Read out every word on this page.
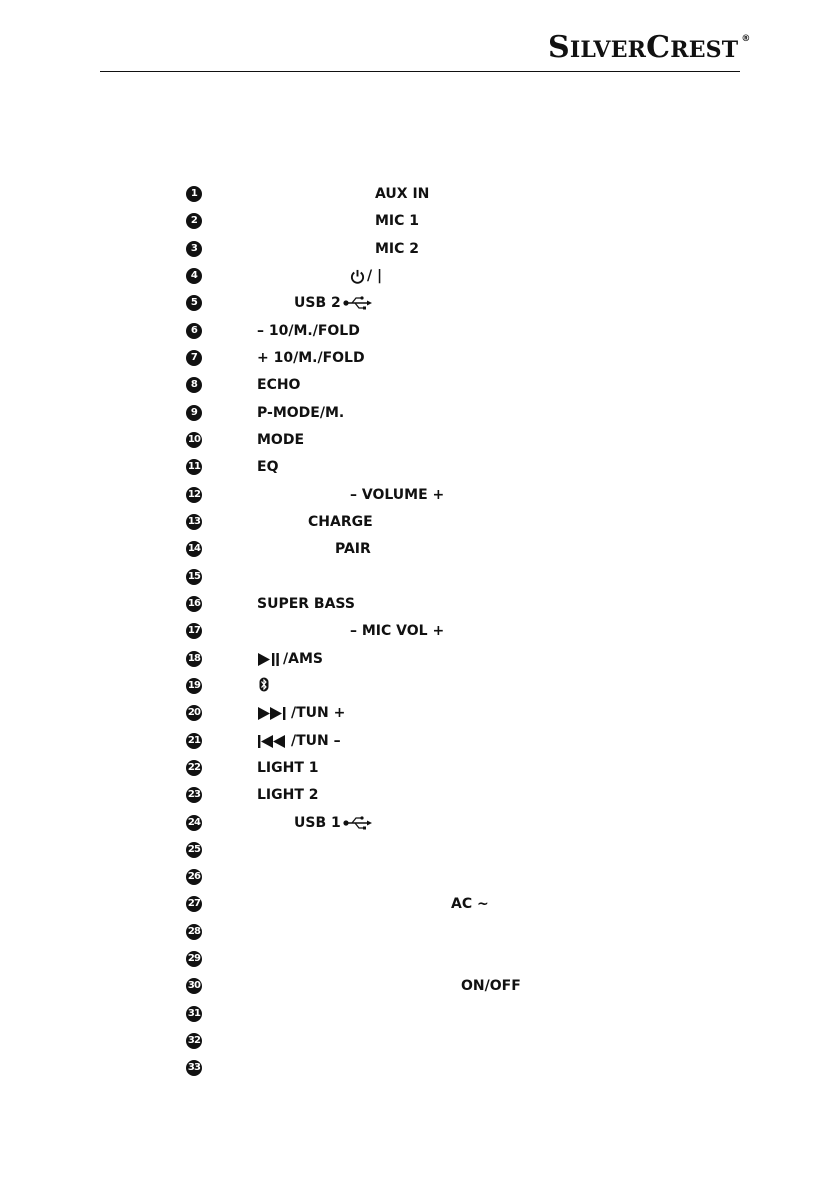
S ILVER C REST ®
1	AUX IN
2	MIC 1
3	MIC 2
4	/ |
5	USB 2
6	– 10/M./FOLD
7	+ 10/M./FOLD
8	ECHO
9	P-MODE/M.
10	MODE
11	EQ
12	– VOLUME +
13	CHARGE
14	PAIR
15
16	SUPER BASS
17	– MIC VOL +
18	/AMS
19
20	/TUN +
21	/TUN –
22	LIGHT 1
23	LIGHT 2
24	USB 1
25
26
27	AC ~
28
29
30	ON/OFF
31
32
33
